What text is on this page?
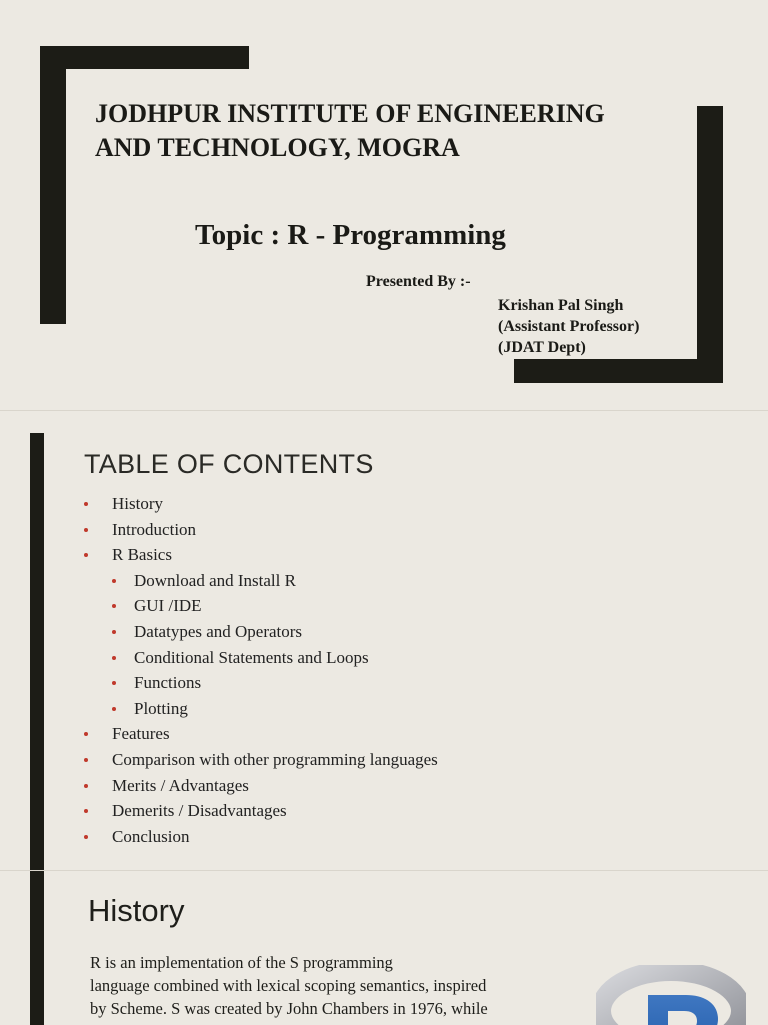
JODHPUR INSTITUTE OF ENGINEERING
AND TECHNOLOGY, MOGRA
Topic : R - Programming
Presented By :-
Krishan Pal Singh
(Assistant Professor)
(JDAT Dept)
TABLE OF CONTENTS
History
Introduction
R Basics
Download and Install R
GUI /IDE
Datatypes and Operators
Conditional Statements and Loops
Functions
Plotting
Features
Comparison with other programming languages
Merits / Advantages
Demerits / Disadvantages
Conclusion
History
R is an implementation of the S programming
language combined with lexical scoping semantics, inspired
by Scheme. S was created by John Chambers in 1976, while
